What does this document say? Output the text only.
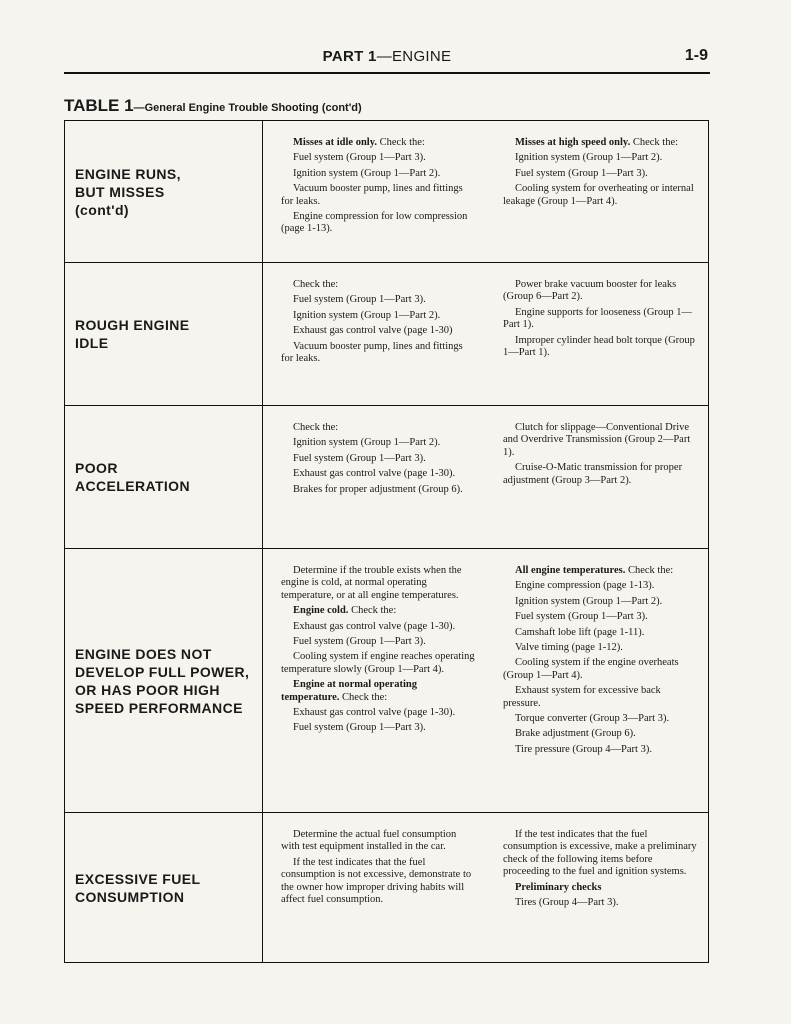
PART 1—ENGINE	1-9
TABLE 1—General Engine Trouble Shooting (cont'd)
ENGINE RUNS,
BUT MISSES
(cont'd)

Misses at idle only. Check the:

Fuel system (Group 1—Part 3).

Ignition system (Group 1—Part 2).

Vacuum booster pump, lines and fittings for leaks.

Engine compression for low compression (page 1-13).

Misses at high speed only. Check the:

Ignition system (Group 1—Part 2).

Fuel system (Group 1—Part 3).

Cooling system for overheating or internal leakage (Group 1—Part 4).

ROUGH ENGINE
IDLE

Check the:

Fuel system (Group 1—Part 3).

Ignition system (Group 1—Part 2).

Exhaust gas control valve (page 1-30)

Vacuum booster pump, lines and fittings for leaks.

Power brake vacuum booster for leaks (Group 6—Part 2).

Engine supports for looseness (Group 1—Part 1).

Improper cylinder head bolt torque (Group 1—Part 1).

POOR
ACCELERATION

Check the:

Ignition system (Group 1—Part 2).

Fuel system (Group 1—Part 3).

Exhaust gas control valve (page 1-30).

Brakes for proper adjustment (Group 6).

Clutch for slippage—Conventional Drive and Overdrive Transmission (Group 2—Part 1).

Cruise-O-Matic transmission for proper adjustment (Group 3—Part 2).

ENGINE DOES NOT
DEVELOP FULL POWER,
OR HAS POOR HIGH
SPEED PERFORMANCE

Determine if the trouble exists when the engine is cold, at normal operating temperature, or at all engine temperatures.

Engine cold. Check the:

Exhaust gas control valve (page 1-30).

Fuel system (Group 1—Part 3).

Cooling system if engine reaches operating temperature slowly (Group 1—Part 4).

Engine at normal operating temperature. Check the:

Exhaust gas control valve (page 1-30).

Fuel system (Group 1—Part 3).

All engine temperatures. Check the:

Engine compression (page 1-13).

Ignition system (Group 1—Part 2).

Fuel system (Group 1—Part 3).

Camshaft lobe lift (page 1-11).

Valve timing (page 1-12).

Cooling system if the engine overheats (Group 1—Part 4).

Exhaust system for excessive back pressure.

Torque converter (Group 3—Part 3).

Brake adjustment (Group 6).

Tire pressure (Group 4—Part 3).

EXCESSIVE FUEL
CONSUMPTION

Determine the actual fuel consumption with test equipment installed in the car.

If the test indicates that the fuel consumption is not excessive, demonstrate to the owner how improper driving habits will affect fuel consumption.

If the test indicates that the fuel consumption is excessive, make a preliminary check of the following items before proceeding to the fuel and ignition systems.

Preliminary checks

Tires (Group 4—Part 3).
